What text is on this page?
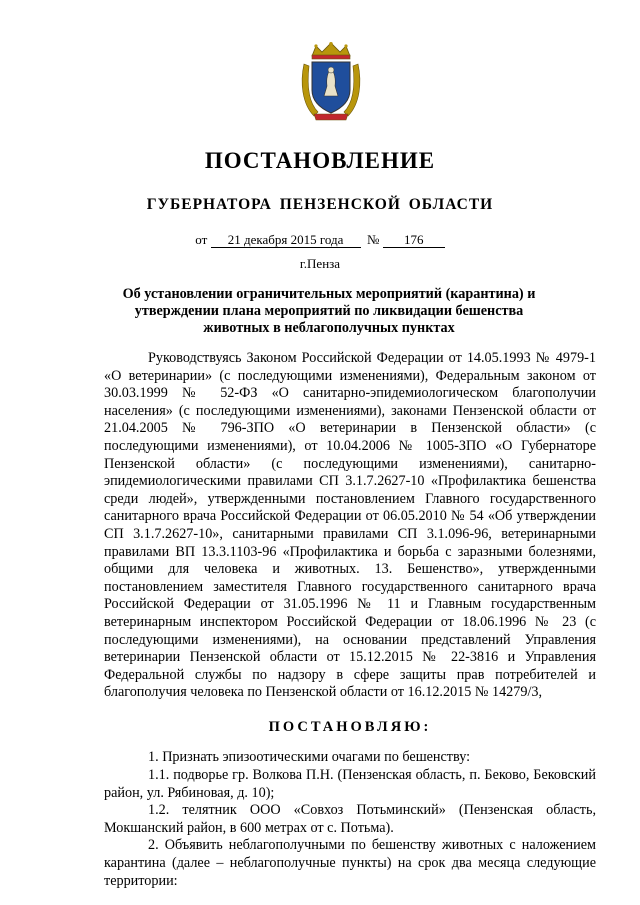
ПОСТАНОВЛЕНИЕ
ГУБЕРНАТОРА ПЕНЗЕНСКОЙ ОБЛАСТИ
от 21 декабря 2015 года № 176
г.Пенза
Об установлении ограничительных мероприятий (карантина) и утверждении плана мероприятий по ликвидации бешенства животных в неблагополучных пунктах

Руководствуясь Законом Российской Федерации от 14.05.1993 № 4979-1 «О ветеринарии» (с последующими изменениями), Федеральным законом от 30.03.1999 № 52-ФЗ «О санитарно-эпидемиологическом благополучии населения» (с последующими изменениями), законами Пензенской области от 21.04.2005 № 796-ЗПО «О ветеринарии в Пензенской области» (с последующими изменениями), от 10.04.2006 № 1005-ЗПО «О Губернаторе Пензенской области» (с последующими изменениями), санитарно-эпидемиологическими правилами СП 3.1.7.2627-10 «Профилактика бешенства среди людей», утвержденными постановлением Главного государственного санитарного врача Российской Федерации от 06.05.2010 № 54 «Об утверждении СП 3.1.7.2627-10», санитарными правилами СП 3.1.096-96, ветеринарными правилами ВП 13.3.1103-96 «Профилактика и борьба с заразными болезнями, общими для человека и животных. 13. Бешенство», утвержденными постановлением заместителя Главного государственного санитарного врача Российской Федерации от 31.05.1996 № 11 и Главным государственным ветеринарным инспектором Российской Федерации от 18.06.1996 № 23 (с последующими изменениями), на основании представлений Управления ветеринарии Пензенской области от 15.12.2015 № 22-3816 и Управления Федеральной службы по надзору в сфере защиты прав потребителей и благополучия человека по Пензенской области от 16.12.2015 № 14279/3,

ПОСТАНОВЛЯЮ:

1. Признать эпизоотическими очагами по бешенству:

1.1. подворье гр. Волкова П.Н. (Пензенская область, п. Беково, Бековский район, ул. Рябиновая, д. 10);

1.2. телятник ООО «Совхоз Потьминский» (Пензенская область, Мокшанский район, в 600 метрах от с. Потьма).

2. Объявить неблагополучными по бешенству животных с наложением карантина (далее – неблагополучные пункты) на срок два месяца следующие территории:
